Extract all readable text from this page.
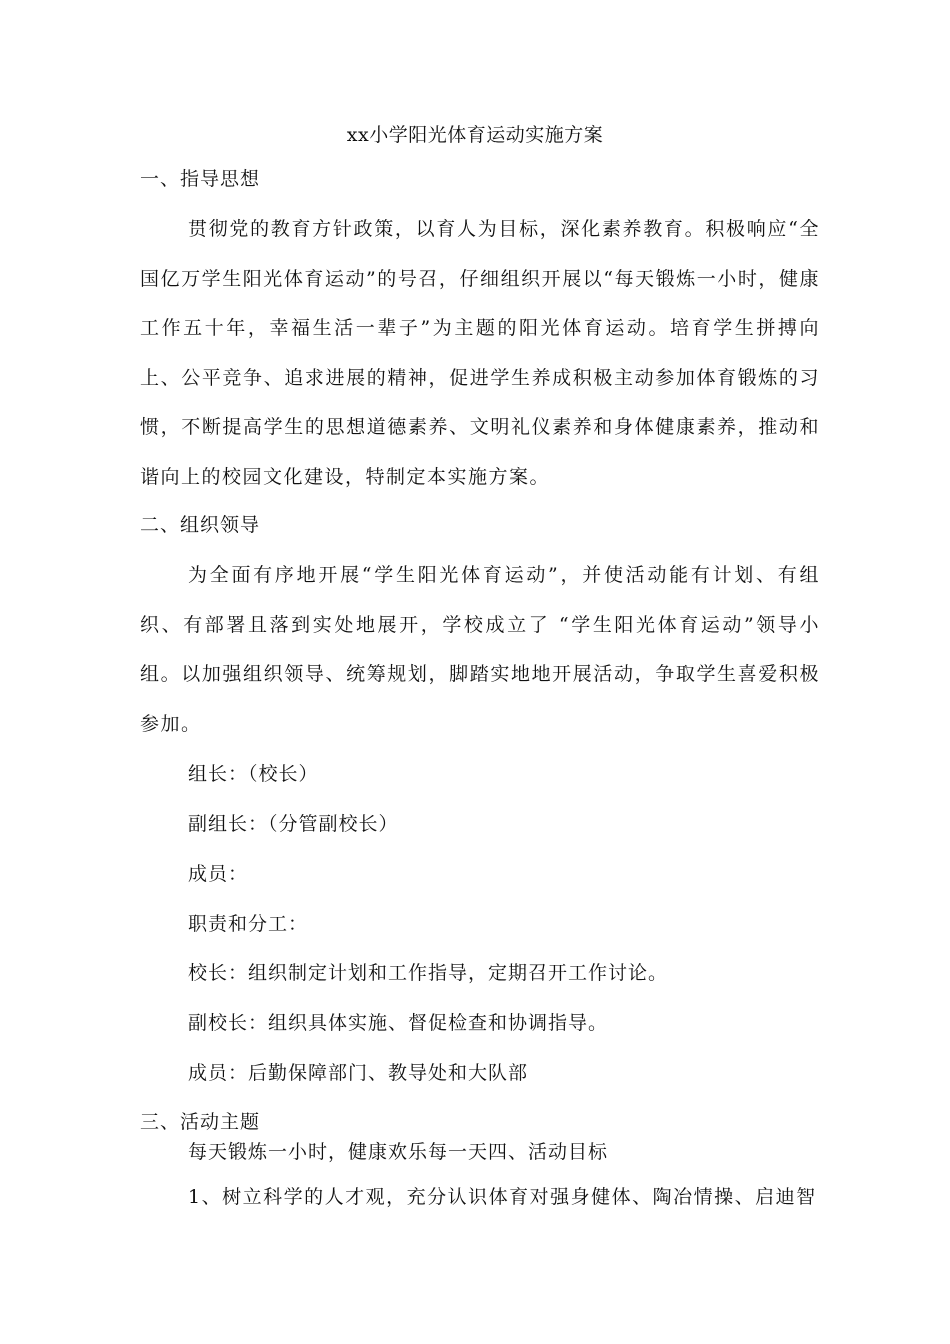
xx小学阳光体育运动实施方案
一、指导思想
贯彻党的教育方针政策，以育人为目标，深化素养教育。积极响应“全国亿万学生阳光体育运动”的号召，仔细组织开展以“每天锻炼一小时，健康工作五十年，幸福生活一辈子”为主题的阳光体育运动。培育学生拼搏向上、公平竞争、追求进展的精神，促进学生养成积极主动参加体育锻炼的习惯，不断提高学生的思想道德素养、文明礼仪素养和身体健康素养，推动和谐向上的校园文化建设，特制定本实施方案。
二、组织领导
为全面有序地开展“学生阳光体育运动”，并使活动能有计划、有组织、有部署且落到实处地展开，学校成立了 “学生阳光体育运动”领导小组。以加强组织领导、统筹规划，脚踏实地地开展活动，争取学生喜爱积极参加。
组长：（校长）
副组长：（分管副校长）
成员：
职责和分工：
校长：组织制定计划和工作指导，定期召开工作讨论。
副校长：组织具体实施、督促检查和协调指导。
成员：后勤保障部门、教导处和大队部
三、活动主题
每天锻炼一小时，健康欢乐每一天四、活动目标
1、树立科学的人才观，充分认识体育对强身健体、陶冶情操、启迪智
